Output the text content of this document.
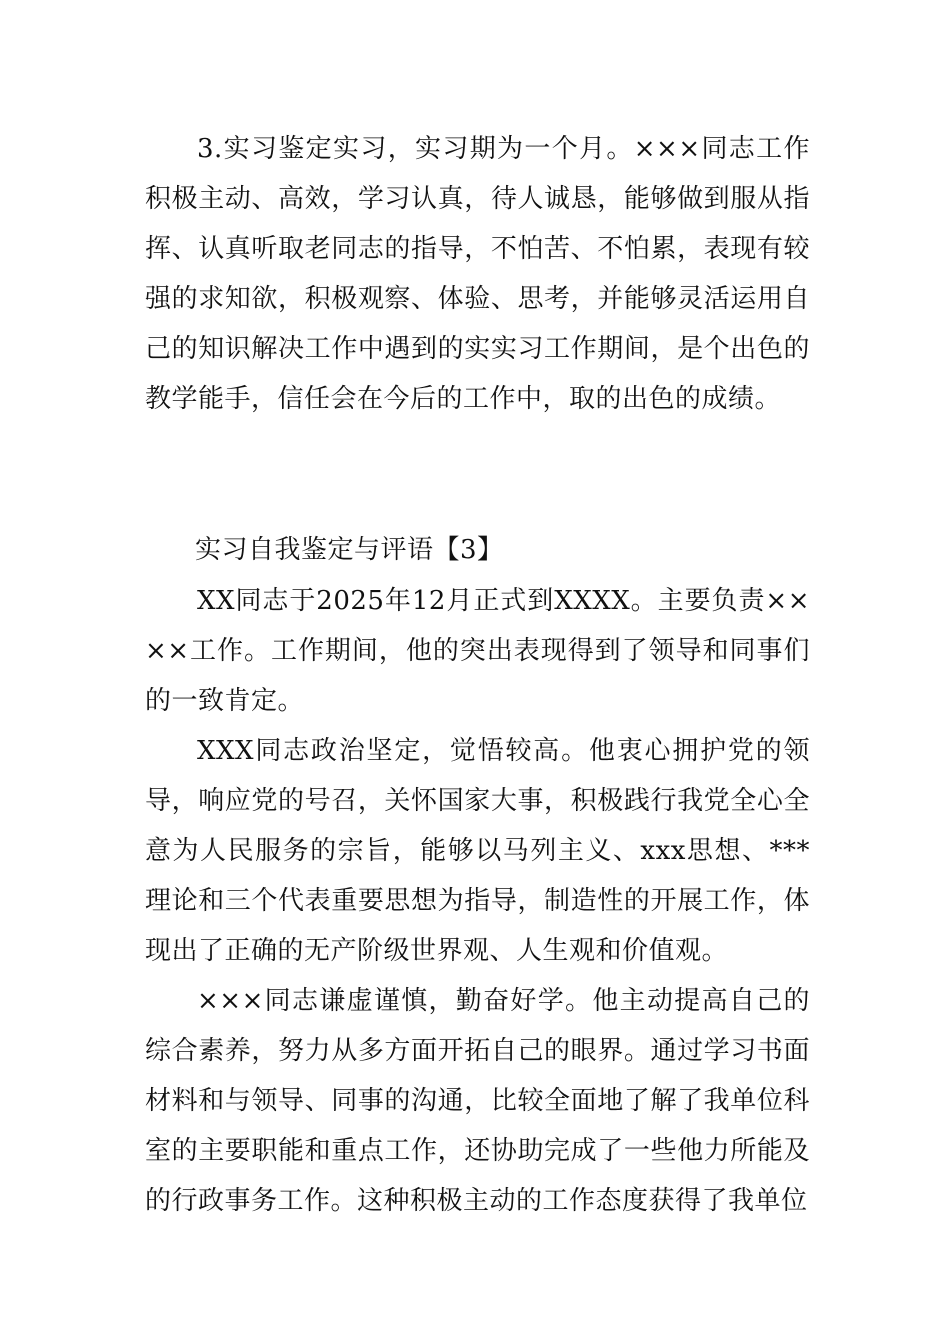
3.实习鉴定实习，实习期为一个月。×××同志工作积极主动、高效，学习认真，待人诚恳，能够做到服从指挥、认真听取老同志的指导，不怕苦、不怕累，表现有较强的求知欲，积极观察、体验、思考，并能够灵活运用自己的知识解决工作中遇到的实实习工作期间，是个出色的教学能手，信任会在今后的工作中，取的出色的成绩。

实习自我鉴定与评语【3】

XX同志于2025年12月正式到XXXX。主要负责××××工作。工作期间，他的突出表现得到了领导和同事们的一致肯定。

XXX同志政治坚定，觉悟较高。他衷心拥护党的领导，响应党的号召，关怀国家大事，积极践行我党全心全意为人民服务的宗旨，能够以马列主义、xxx思想、***理论和三个代表重要思想为指导，制造性的开展工作，体现出了正确的无产阶级世界观、人生观和价值观。

×××同志谦虚谨慎，勤奋好学。他主动提高自己的综合素养，努力从多方面开拓自己的眼界。通过学习书面材料和与领导、同事的沟通，比较全面地了解了我单位科室的主要职能和重点工作，还协助完成了一些他力所能及的行政事务工作。这种积极主动的工作态度获得了我单位
